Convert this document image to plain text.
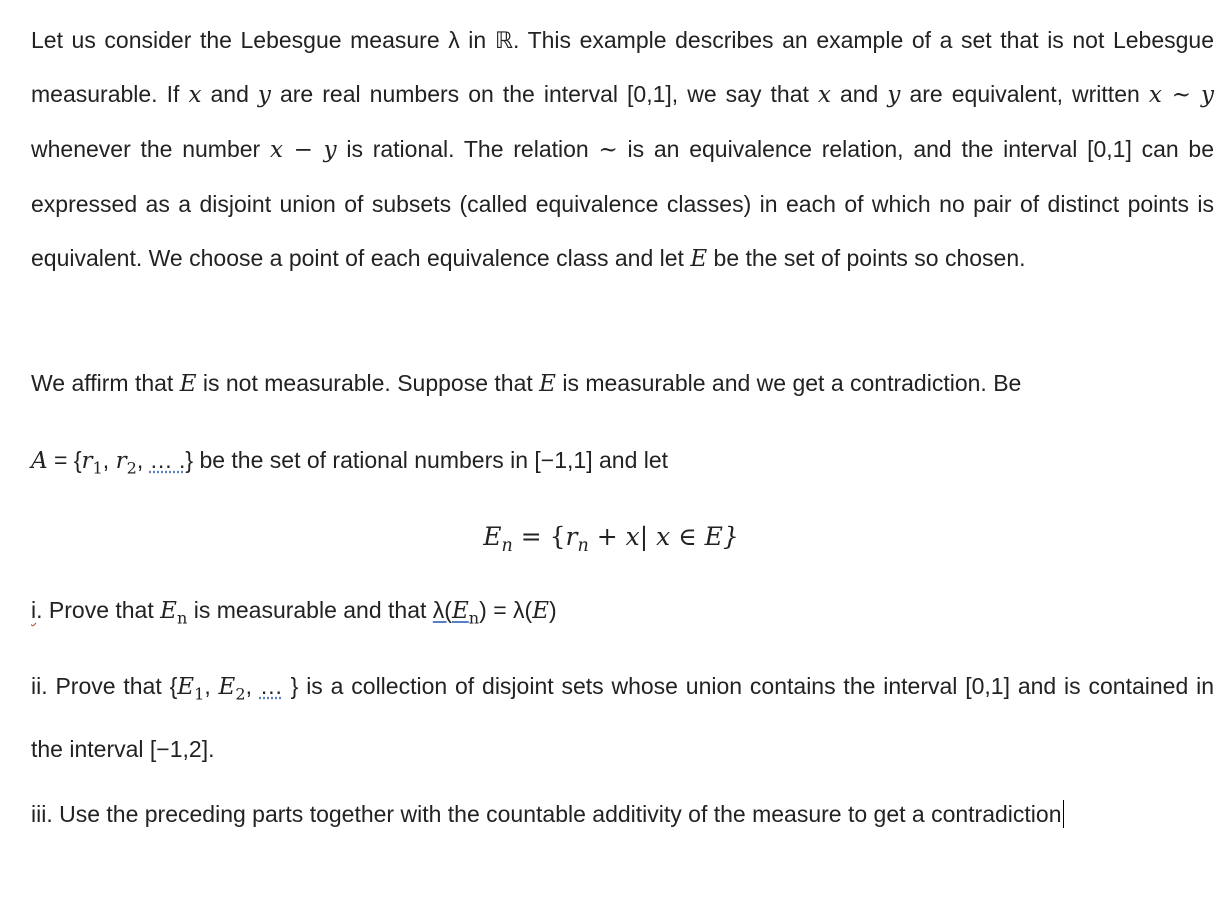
Let us consider the Lebesgue measure λ in ℝ. This example describes an example of a set that is not Lebesgue measurable. If x and y are real numbers on the interval [0,1], we say that x and y are equivalent, written x ~ y whenever the number x − y is rational. The relation ~ is an equivalence relation, and the interval [0,1] can be expressed as a disjoint union of subsets (called equivalence classes) in each of which no pair of distinct points is equivalent. We choose a point of each equivalence class and let E be the set of points so chosen.

We affirm that E is not measurable. Suppose that E is measurable and we get a contradiction. Be

$A = \{r_1$, $r_2$, … .} be the set of rational numbers in [−1,1] and let

$E_n = \{r_n + x|$ x ∈ E}

i. Prove that $E_n$ is measurable and that $\lambda(E_n) = \lambda(E)$

ii. Prove that {$E_1$, $E_2$, … } is a collection of disjoint sets whose union contains the interval [0,1] and is contained in the interval [−1,2].

iii. Use the preceding parts together with the countable additivity of the measure to get a contradiction
